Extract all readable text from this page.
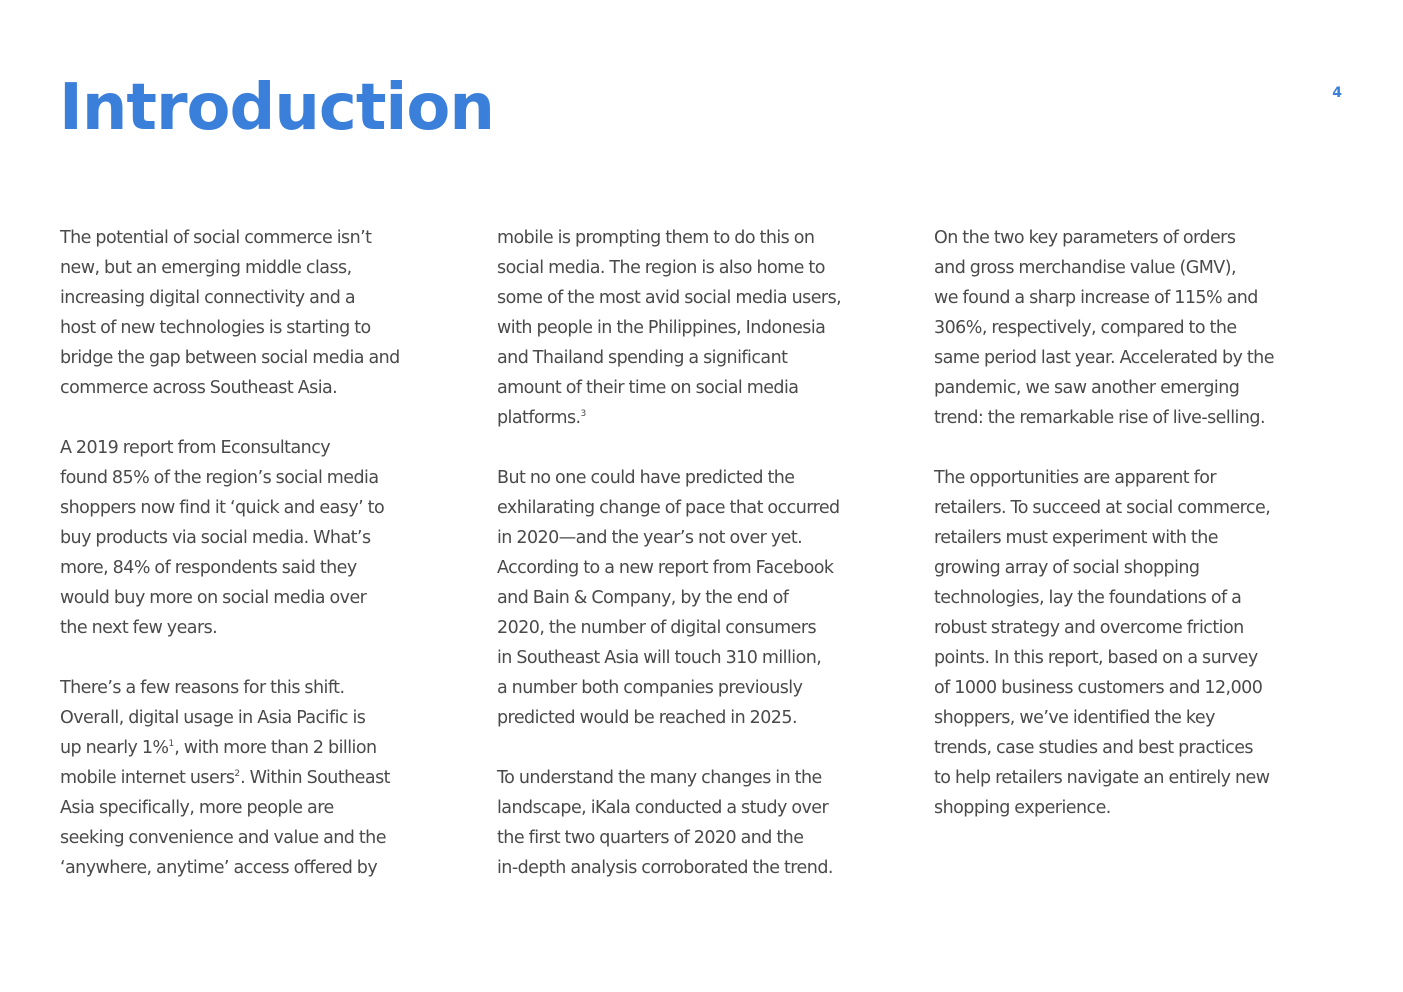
Introduction	4

The potential of social commerce isn’t
new, but an emerging middle class,
increasing digital connectivity and a
host of new technologies is starting to
bridge the gap between social media and
commerce across Southeast Asia.

A 2019 report from Econsultancy
found 85% of the region’s social media
shoppers now find it ‘quick and easy’ to
buy products via social media. What’s
more, 84% of respondents said they
would buy more on social media over
the next few years.

There’s a few reasons for this shift.
Overall, digital usage in Asia Pacific is
up nearly 1%$^1$, with more than 2 billion
mobile internet users$^2$. Within Southeast
Asia specifically, more people are
seeking convenience and value and the
‘anywhere, anytime’ access offered by

mobile is prompting them to do this on
social media. The region is also home to
some of the most avid social media users,
with people in the Philippines, Indonesia
and Thailand spending a significant
amount of their time on social media
platforms.$^3$

But no one could have predicted the
exhilarating change of pace that occurred
in 2020—and the year’s not over yet.
According to a new report from Facebook
and Bain & Company, by the end of
2020, the number of digital consumers
in Southeast Asia will touch 310 million,
a number both companies previously
predicted would be reached in 2025.

To understand the many changes in the
landscape, iKala conducted a study over
the first two quarters of 2020 and the
in-depth analysis corroborated the trend.

On the two key parameters of orders
and gross merchandise value (GMV),
we found a sharp increase of 115% and
306%, respectively, compared to the
same period last year. Accelerated by the
pandemic, we saw another emerging
trend: the remarkable rise of live-selling.

The opportunities are apparent for
retailers. To succeed at social commerce,
retailers must experiment with the
growing array of social shopping
technologies, lay the foundations of a
robust strategy and overcome friction
points. In this report, based on a survey
of 1000 business customers and 12,000
shoppers, we’ve identified the key
trends, case studies and best practices
to help retailers navigate an entirely new
shopping experience.
